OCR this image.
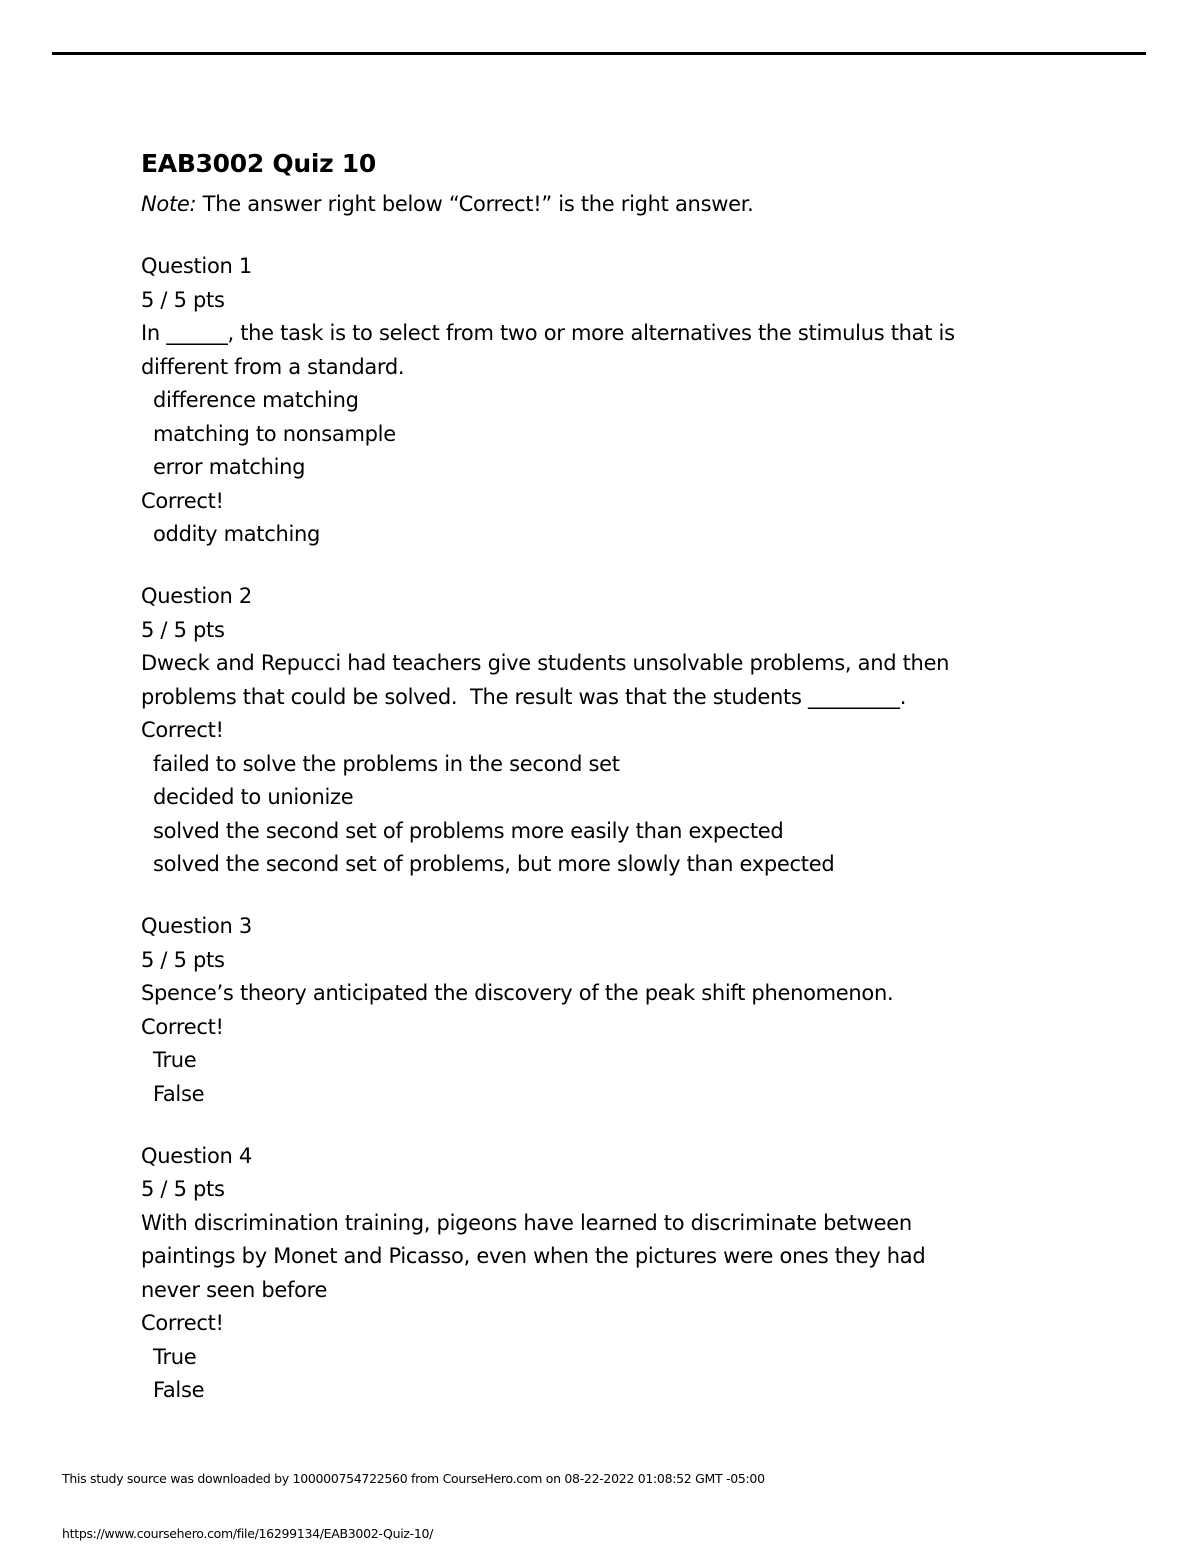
EAB3002 Quiz 10
Note: The answer right below “Correct!” is the right answer.
Question 1
5 / 5 pts
In ______, the task is to select from two or more alternatives the stimulus that is
different from a standard.
difference matching
matching to nonsample
error matching
Correct!
oddity matching
Question 2
5 / 5 pts
Dweck and Repucci had teachers give students unsolvable problems, and then
problems that could be solved.  The result was that the students _________.
Correct!
failed to solve the problems in the second set
decided to unionize
solved the second set of problems more easily than expected
solved the second set of problems, but more slowly than expected
Question 3
5 / 5 pts
Spence’s theory anticipated the discovery of the peak shift phenomenon.
Correct!
True
False
Question 4
5 / 5 pts
With discrimination training, pigeons have learned to discriminate between
paintings by Monet and Picasso, even when the pictures were ones they had
never seen before
Correct!
True
False
This study source was downloaded by 100000754722560 from CourseHero.com on 08-22-2022 01:08:52 GMT -05:00
https://www.coursehero.com/file/16299134/EAB3002-Quiz-10/
